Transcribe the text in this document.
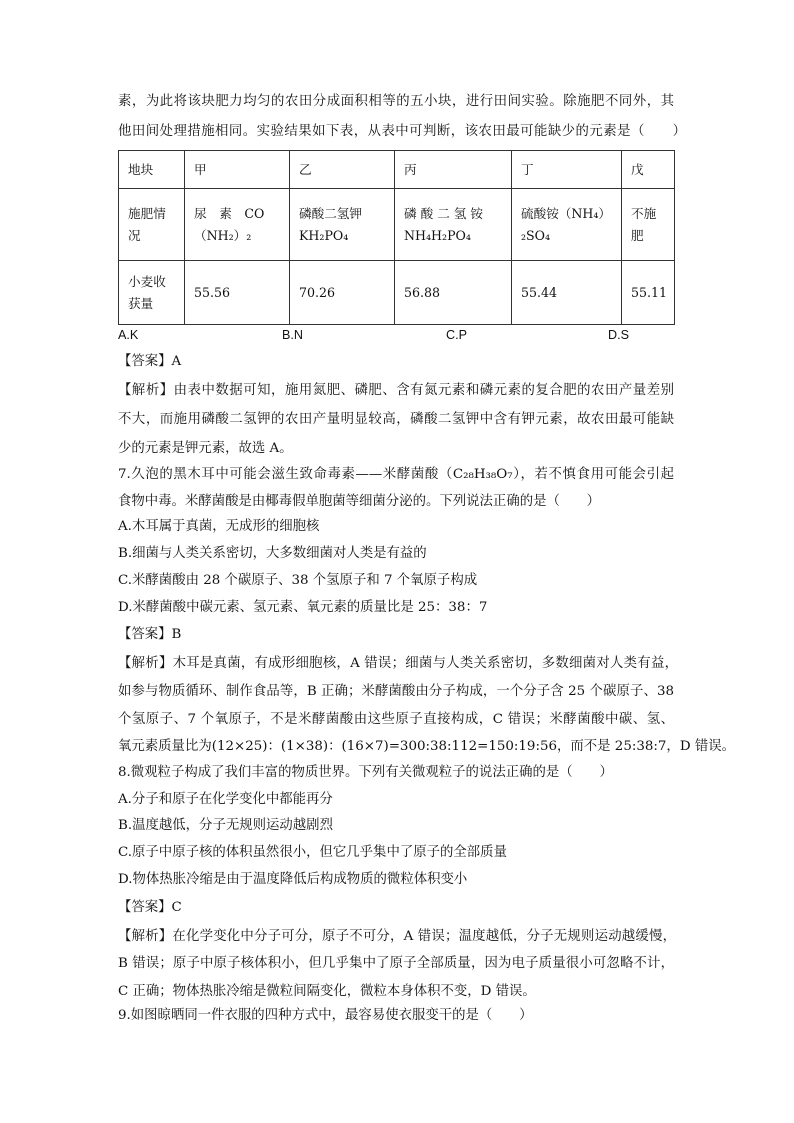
素，为此将该块肥力均匀的农田分成面积相等的五小块，进行田间实验。除施肥不同外，其
他田间处理措施相同。实验结果如下表，从表中可判断，该农田最可能缺少的元素是（　　）
地块	甲	乙	丙	丁	戊
施肥情况	尿　素　CO（NH₂）₂	磷酸二氢钾KH₂PO₄	磷 酸 二 氢 铵NH₄H₂PO₄	硫酸铵（NH₄）₂SO₄	不施肥
小麦收获量	55.56	70.26	56.88	55.44	55.11
A.K	B.N	C.P	D.S
【答案】A
【解析】由表中数据可知，施用氮肥、磷肥、含有氮元素和磷元素的复合肥的农田产量差别
不大，而施用磷酸二氢钾的农田产量明显较高，磷酸二氢钾中含有钾元素，故农田最可能缺
少的元素是钾元素，故选 A。
7.久泡的黑木耳中可能会滋生致命毒素——米酵菌酸（C₂₈H₃₈O₇），若不慎食用可能会引起
食物中毒。米酵菌酸是由椰毒假单胞菌等细菌分泌的。下列说法正确的是（　　）
A.木耳属于真菌，无成形的细胞核
B.细菌与人类关系密切，大多数细菌对人类是有益的
C.米酵菌酸由 28 个碳原子、38 个氢原子和 7 个氧原子构成
D.米酵菌酸中碳元素、氢元素、氧元素的质量比是 25：38：7
【答案】B
【解析】木耳是真菌，有成形细胞核，A 错误；细菌与人类关系密切，多数细菌对人类有益，
如参与物质循环、制作食品等，B 正确；米酵菌酸由分子构成，一个分子含 25 个碳原子、38
个氢原子、7 个氧原子，不是米酵菌酸由这些原子直接构成，C 错误；米酵菌酸中碳、氢、
氧元素质量比为(12×25)：(1×38)：(16×7)=300:38:112=150:19:56，而不是 25:38:7，D 错误。
8.微观粒子构成了我们丰富的物质世界。下列有关微观粒子的说法正确的是（　　）
A.分子和原子在化学变化中都能再分
B.温度越低，分子无规则运动越剧烈
C.原子中原子核的体积虽然很小，但它几乎集中了原子的全部质量
D.物体热胀冷缩是由于温度降低后构成物质的微粒体积变小
【答案】C
【解析】在化学变化中分子可分，原子不可分，A 错误；温度越低，分子无规则运动越缓慢，
B 错误；原子中原子核体积小，但几乎集中了原子全部质量，因为电子质量很小可忽略不计，
C 正确；物体热胀冷缩是微粒间隔变化，微粒本身体积不变，D 错误。
9.如图晾晒同一件衣服的四种方式中，最容易使衣服变干的是（　　）
